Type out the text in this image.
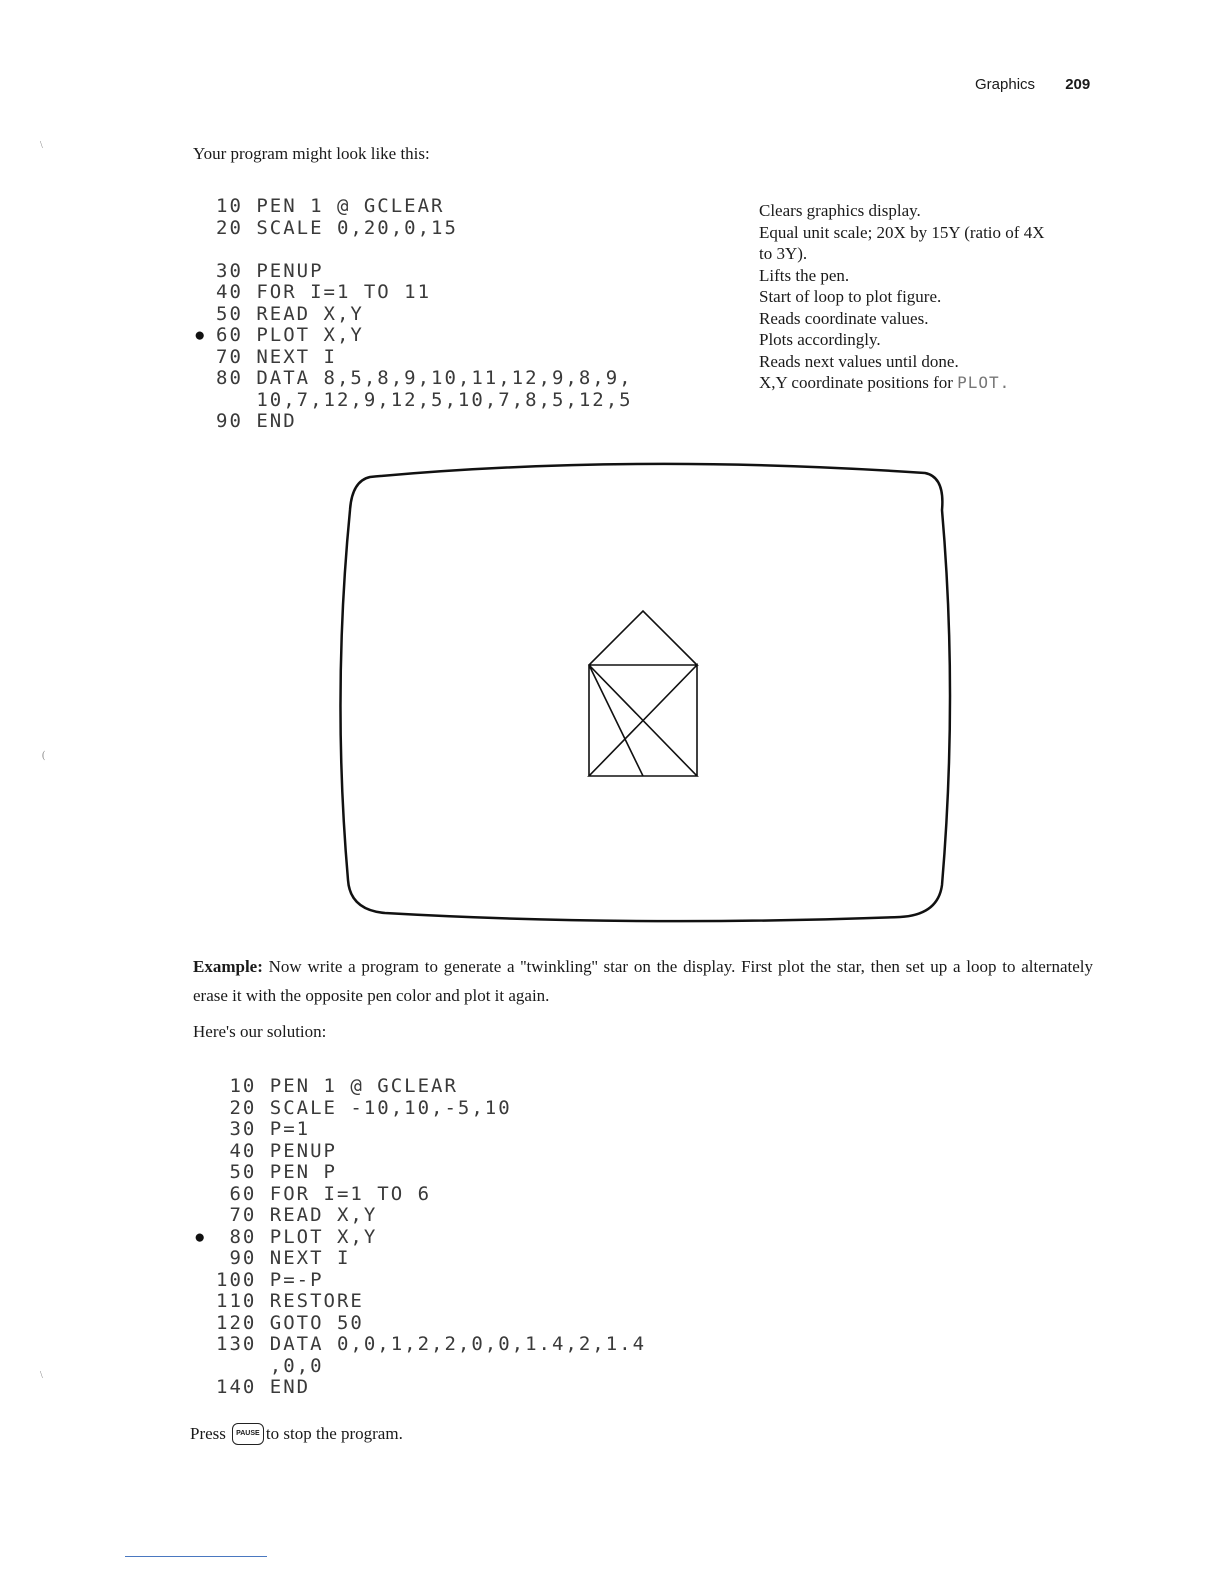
Graphics 209
Your program might look like this:
10 PEN 1 @ GCLEAR
20 SCALE 0,20,0,15
30 PENUP
40 FOR I=1 TO 11
50 READ X,Y
● 60 PLOT X,Y
70 NEXT I
80 DATA 8,5,8,9,10,11,12,9,8,9,
10,7,12,9,12,5,10,7,8,5,12,5
90 END
Clears graphics display.
Equal unit scale; 20X by 15Y (ratio of 4X
to 3Y).
Lifts the pen.
Start of loop to plot figure.
Reads coordinate values.
Plots accordingly.
Reads next values until done.
X,Y coordinate positions for PLOT.
Example: Now write a program to generate a ''twinkling'' star on the display. First plot the star, then set up a loop to alternately erase it with the opposite pen color and plot it again.
Here's our solution:
10 PEN 1 @ GCLEAR
20 SCALE -10,10,-5,10
30 P=1
40 PENUP
50 PEN P
60 FOR I=1 TO 6
70 READ X,Y
● 80 PLOT X,Y
90 NEXT I
100 P=-P
110 RESTORE
120 GOTO 50
130 DATA 0,0,1,2,2,0,0,1.4,2,1.4
,0,0
140 END
Press	PAUSE to stop the program.
\
(
\
